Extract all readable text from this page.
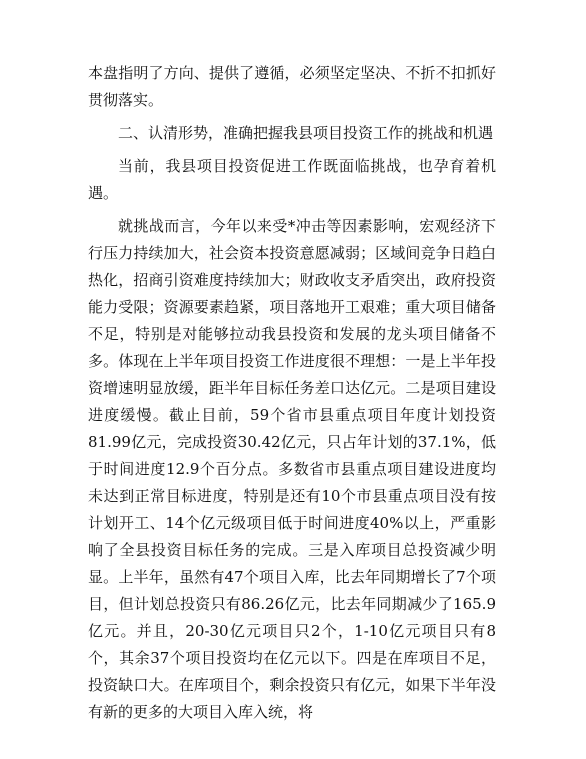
本盘指明了方向、提供了遵循，必须坚定坚决、不折不扣抓好贯彻落实。

二、认清形势，准确把握我县项目投资工作的挑战和机遇

当前，我县项目投资促进工作既面临挑战，也孕育着机遇。

就挑战而言，今年以来受*冲击等因素影响，宏观经济下行压力持续加大，社会资本投资意愿减弱；区域间竞争日趋白热化，招商引资难度持续加大；财政收支矛盾突出，政府投资能力受限；资源要素趋紧，项目落地开工艰难；重大项目储备不足，特别是对能够拉动我县投资和发展的龙头项目储备不多。体现在上半年项目投资工作进度很不理想：一是上半年投资增速明显放缓，距半年目标任务差口达亿元。二是项目建设进度缓慢。截止目前，59个省市县重点项目年度计划投资81.99亿元，完成投资30.42亿元，只占年计划的37.1%，低于时间进度12.9个百分点。多数省市县重点项目建设进度均未达到正常目标进度，特别是还有10个市县重点项目没有按计划开工、14个亿元级项目低于时间进度40%以上，严重影响了全县投资目标任务的完成。三是入库项目总投资减少明显。上半年，虽然有47个项目入库，比去年同期增长了7个项目，但计划总投资只有86.26亿元，比去年同期减少了165.9亿元。并且，20-30亿元项目只2个，1-10亿元项目只有8个，其余37个项目投资均在亿元以下。四是在库项目不足，投资缺口大。在库项目个，剩余投资只有亿元，如果下半年没有新的更多的大项目入库入统，将
